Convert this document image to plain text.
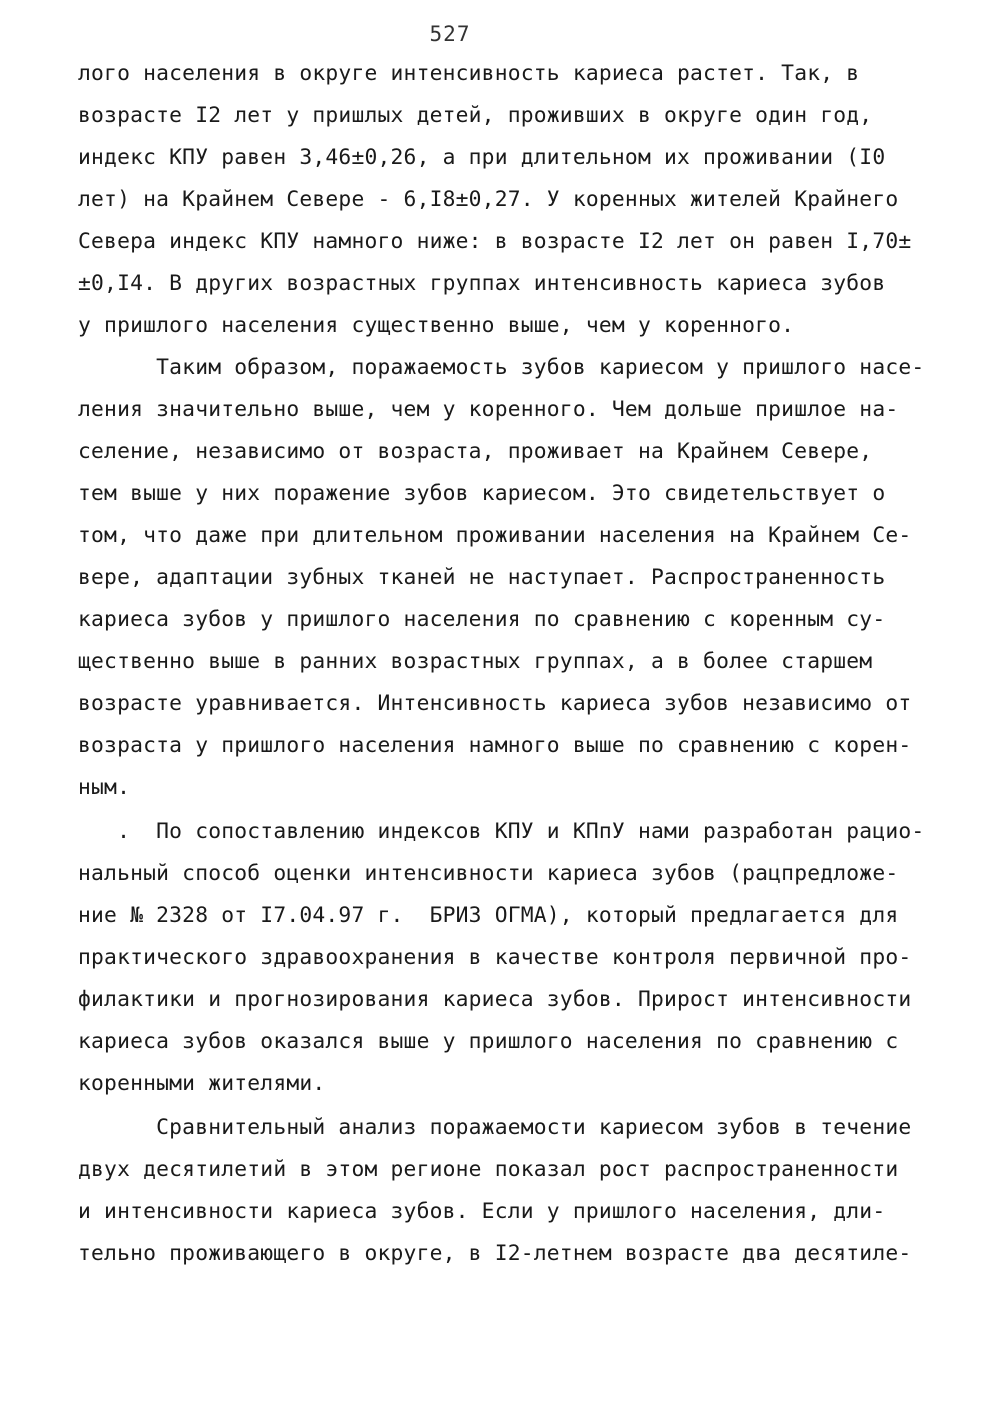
527
лого населения в округе интенсивность кариеса растет. Так, в
возрасте I2 лет у пришлых детей, проживших в округе один год,
индекс КПУ равен 3,46±0,26, а при длительном их проживании (I0
лет) на Крайнем Севере - 6,I8±0,27. У коренных жителей Крайнего
Севера индекс КПУ намного ниже: в возрасте I2 лет он равен I,70±
±0,I4. В других возрастных группах интенсивность кариеса зубов
у пришлого населения существенно выше, чем у коренного.
Таким образом, поражаемость зубов кариесом у пришлого насе-
ления значительно выше, чем у коренного. Чем дольше пришлое на-
селение, независимо от возраста, проживает на Крайнем Севере,
тем выше у них поражение зубов кариесом. Это свидетельствует о
том, что даже при длительном проживании населения на Крайнем Се-
вере, адаптации зубных тканей не наступает. Распространенность
кариеса зубов у пришлого населения по сравнению с коренным су-
щественно выше в ранних возрастных группах, а в более старшем
возрасте уравнивается. Интенсивность кариеса зубов независимо от
возраста у пришлого населения намного выше по сравнению с корен-
ным.
.  По сопоставлению индексов КПУ и КПпУ нами разработан рацио-
нальный способ оценки интенсивности кариеса зубов (рацпредложе-
ние № 2328 от I7.04.97 г.  БРИЗ ОГМА), который предлагается для
практического здравоохранения в качестве контроля первичной про-
филактики и прогнозирования кариеса зубов. Прирост интенсивности
кариеса зубов оказался выше у пришлого населения по сравнению с
коренными жителями.
Сравнительный анализ поражаемости кариесом зубов в течение
двух десятилетий в этом регионе показал рост распространенности
и интенсивности кариеса зубов. Если у пришлого населения, дли-
тельно проживающего в округе, в I2-летнем возрасте два десятиле-
